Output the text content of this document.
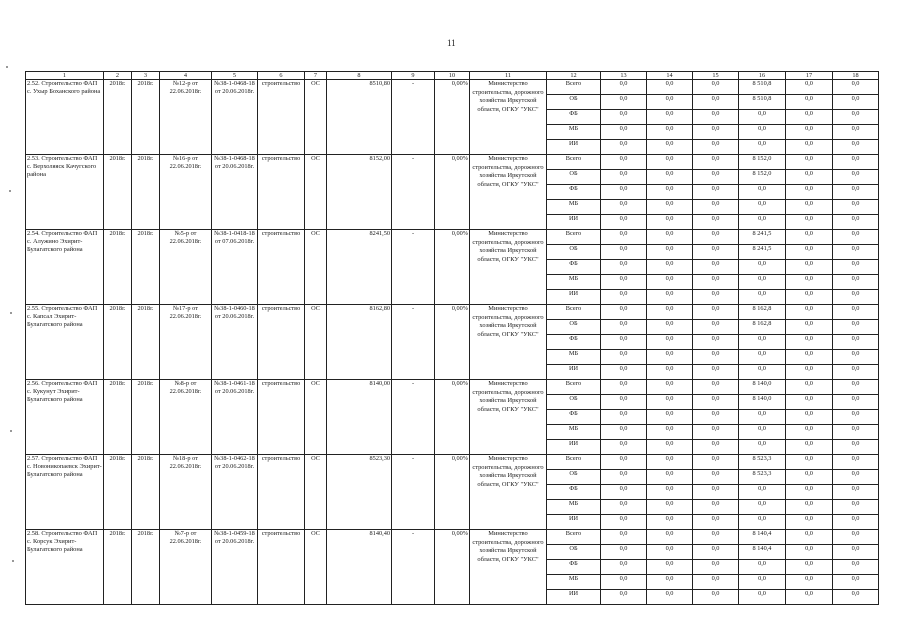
11
1	2	3	4	5	6	7	8	9	10	11	12	13	14	15	16	17	18
2.52. Строительство ФАП с. Ухыр Боханского района	2018г.	2018г.	№12-р от 22.06.2018г.	№38-1-0468-18 от 20.06.2018г.	строительство	ОС	8510,80	-	0,00%	Министерство строительства, дорожного хозяйства Иркутской области, ОГКУ "УКС"	Всего	0,0	0,0	0,0	8 510,8	0,0	0,0
											ОБ	0,0	0,0	0,0	8 510,8	0,0	0,0
											ФБ	0,0	0,0	0,0	0,0	0,0	0,0
											МБ	0,0	0,0	0,0	0,0	0,0	0,0
											ИИ	0,0	0,0	0,0	0,0	0,0	0,0
2.53. Строительство ФАП с. Верхоляяск Качугского района	2018г.	2018г.	№16-р от 22.06.2018г.	№38-1-0468-18 от 20.06.2018г.	строительство	ОС	8152,00	-	0,00%	Министерство строительства, дорожного хозяйства Иркутской области, ОГКУ "УКС"	Всего	0,0	0,0	0,0	8 152,0	0,0	0,0
											ОБ	0,0	0,0	0,0	8 152,0	0,0	0,0
											ФБ	0,0	0,0	0,0	0,0	0,0	0,0
											МБ	0,0	0,0	0,0	0,0	0,0	0,0
											ИИ	0,0	0,0	0,0	0,0	0,0	0,0
2.54. Строительство ФАП с. Алужино Эхирит-Булагатского района	2018г.	2018г.	№5-р от 22.06.2018г.	№38-1-0418-18 от 07.06.2018г.	строительство	ОС	8241,50	-	0,00%	Министерство строительства, дорожного хозяйства Иркутской области, ОГКУ "УКС"	Всего	0,0	0,0	0,0	8 241,5	0,0	0,0
											ОБ	0,0	0,0	0,0	8 241,5	0,0	0,0
											ФБ	0,0	0,0	0,0	0,0	0,0	0,0
											МБ	0,0	0,0	0,0	0,0	0,0	0,0
											ИИ	0,0	0,0	0,0	0,0	0,0	0,0
2.55. Строительство ФАП с. Капсал Эхирит-Булагатского района	2018г.	2018г.	№17-р от 22.06.2018г.	№38-1-0460-18 от 20.06.2018г.	строительство	ОС	8162,80	-	0,00%	Министерство строительства, дорожного хозяйства Иркутской области, ОГКУ "УКС"	Всего	0,0	0,0	0,0	8 162,8	0,0	0,0
											ОБ	0,0	0,0	0,0	8 162,8	0,0	0,0
											ФБ	0,0	0,0	0,0	0,0	0,0	0,0
											МБ	0,0	0,0	0,0	0,0	0,0	0,0
											ИИ	0,0	0,0	0,0	0,0	0,0	0,0
2.56. Строительство ФАП с. Кукунут Эхирит-Булагатского района	2018г.	2018г.	№8-р от 22.06.2018г.	№38-1-0461-18 от 20.06.2018г.	строительство	ОС	8140,00	-	0,00%	Министерство строительства, дорожного хозяйства Иркутской области, ОГКУ "УКС"	Всего	0,0	0,0	0,0	8 140,0	0,0	0,0
											ОБ	0,0	0,0	0,0	8 140,0	0,0	0,0
											ФБ	0,0	0,0	0,0	0,0	0,0	0,0
											МБ	0,0	0,0	0,0	0,0	0,0	0,0
											ИИ	0,0	0,0	0,0	0,0	0,0	0,0
2.57. Строительство ФАП с. Новоникопаевск Эхирит-Булагатского района	2018г.	2018г.	№18-р от 22.06.2018г.	№38-1-0462-18 от 20.06.2018г.	строительство	ОС	8523,30	-	0,00%	Министерство строительства, дорожного хозяйства Иркутской области, ОГКУ "УКС"	Всего	0,0	0,0	0,0	8 523,3	0,0	0,0
											ОБ	0,0	0,0	0,0	8 523,3	0,0	0,0
											ФБ	0,0	0,0	0,0	0,0	0,0	0,0
											МБ	0,0	0,0	0,0	0,0	0,0	0,0
											ИИ	0,0	0,0	0,0	0,0	0,0	0,0
2.58. Строительство ФАП с. Корсук Эхирит-Булагатского района	2018г.	2018г.	№7-р от 22.06.2018г.	№38-1-0459-18 от 20.06.2018г.	строительство	ОС	8140,40	-	0,00%	Министерство строительства, дорожного хозяйства Иркутской области, ОГКУ "УКС"	Всего	0,0	0,0	0,0	8 140,4	0,0	0,0
											ОБ	0,0	0,0	0,0	8 140,4	0,0	0,0
											ФБ	0,0	0,0	0,0	0,0	0,0	0,0
											МБ	0,0	0,0	0,0	0,0	0,0	0,0
											ИИ	0,0	0,0	0,0	0,0	0,0	0,0
